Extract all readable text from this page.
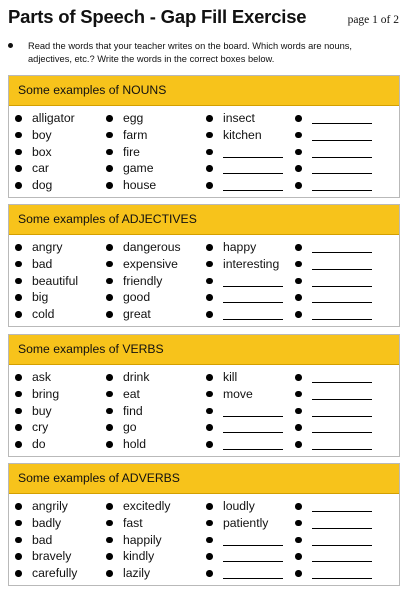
Parts of Speech - Gap Fill Exercise	page 1 of 2
Read the words that your teacher writes on the board. Which words are nouns, adjectives, etc.? Write the words in the correct boxes below.
Some examples of NOUNS
alligator
boy
box
car
dog
egg
farm
fire
game
house
insect
kitchen
Some examples of ADJECTIVES
angry
bad
beautiful
big
cold
dangerous
expensive
friendly
good
great
happy
interesting
Some examples of VERBS
ask
bring
buy
cry
do
drink
eat
find
go
hold
kill
move
Some examples of ADVERBS
angrily
badly
bad
bravely
carefully
excitedly
fast
happily
kindly
lazily
loudly
patiently
